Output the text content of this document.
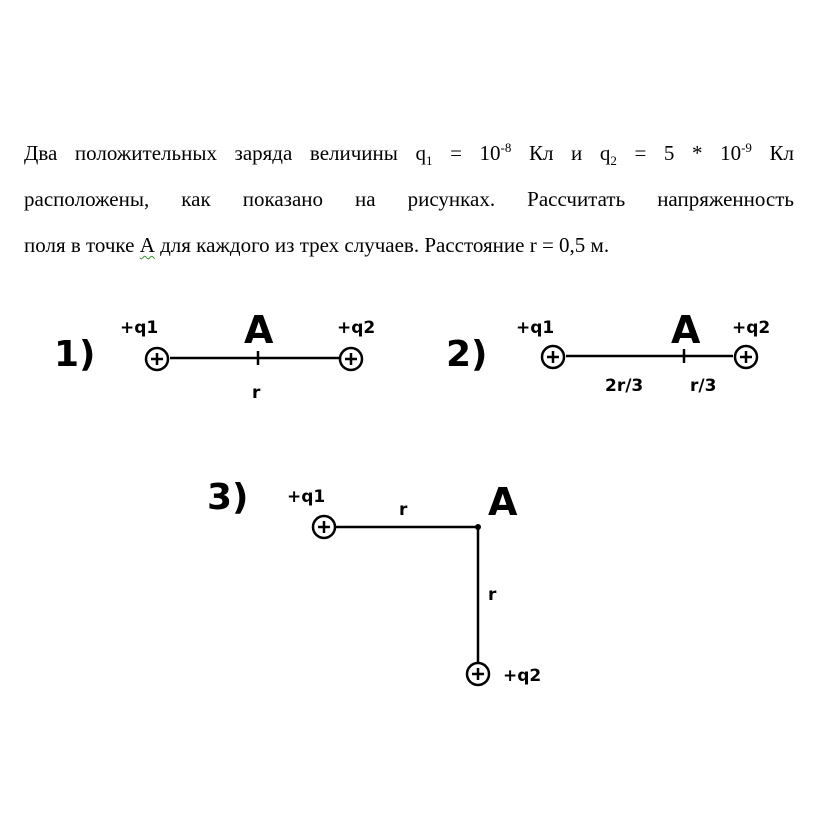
Два положительных заряда величины $q_1 = 10^{-8}$ Кл и $q_2 = 5 * 10^{-9}$ Кл
расположены, как показано на рисунках. Рассчитать напряженность
поля в точке А для каждого из трех случаев. Расстояние r = 0,5 м.
1)
+q1	+q2
A
r
2)
+q1	+q2
A
2r/3	r/3
3) +q1
+q2
A
r
r
